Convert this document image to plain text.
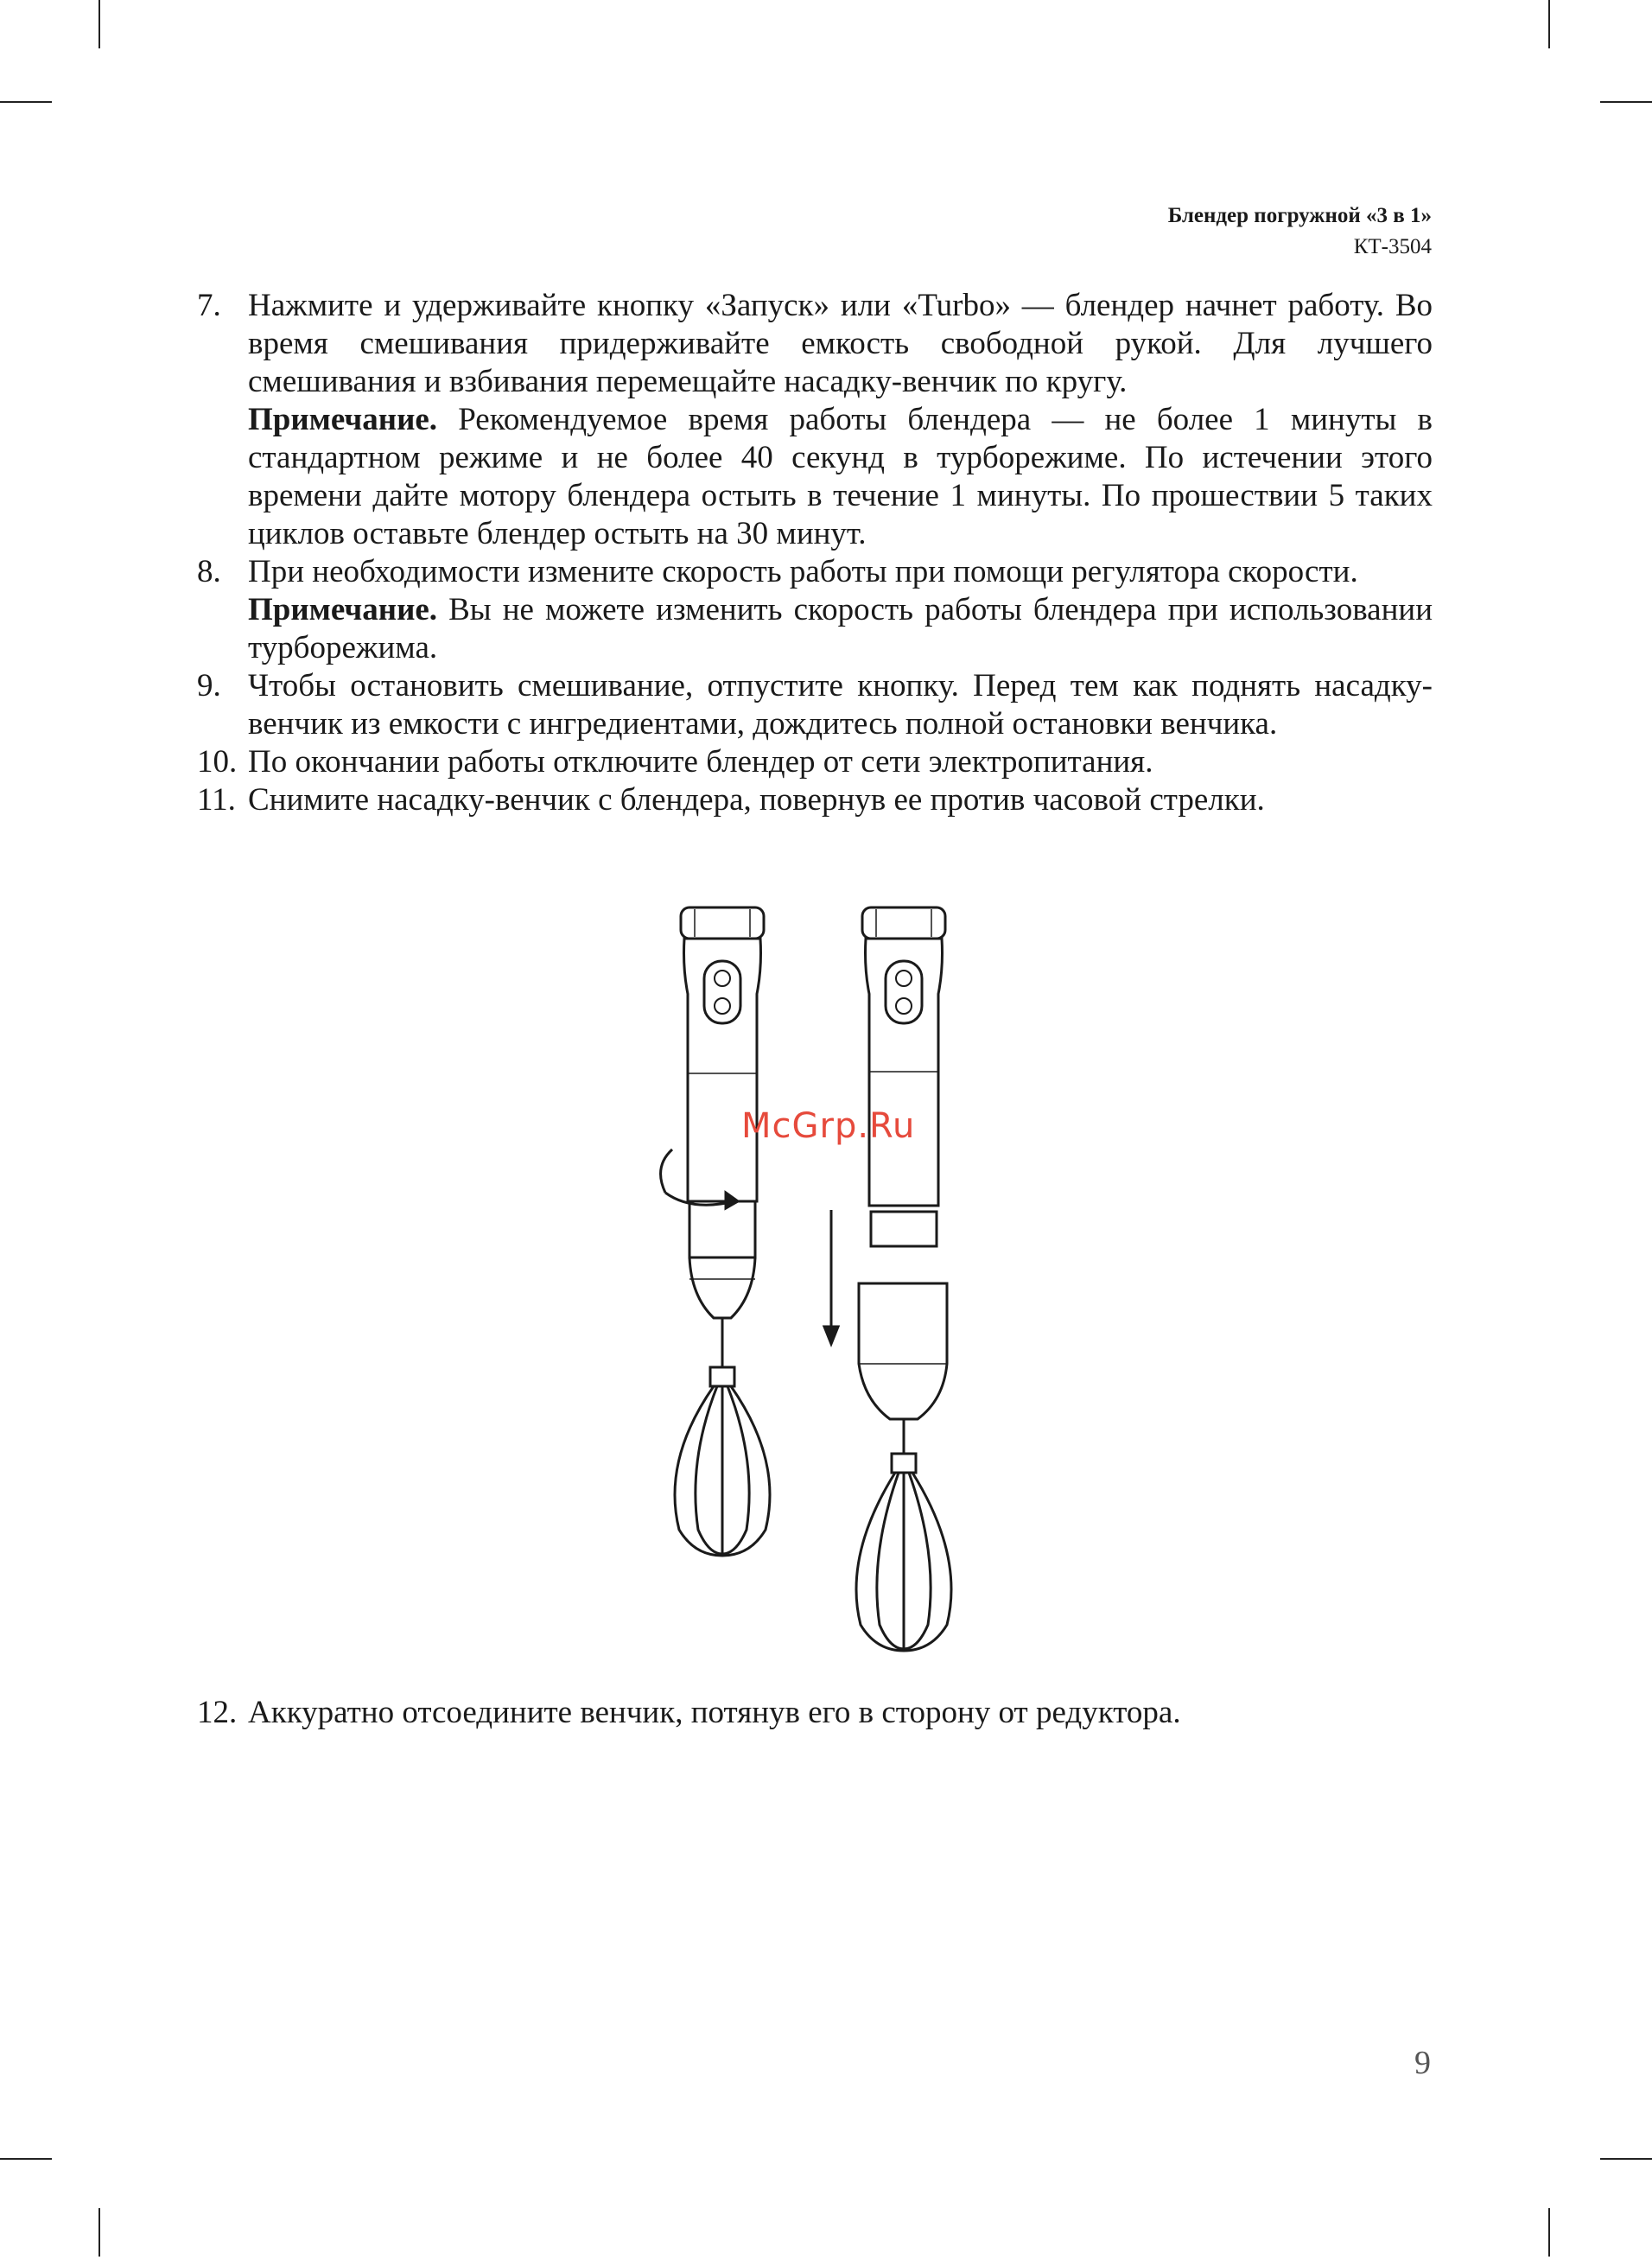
Блендер погружной «3 в 1»
КТ-3504
7. Нажмите и удерживайте кнопку «Запуск» или «Turbo» — блендер начнет работу. Во время смешивания придерживайте емкость свободной рукой. Для лучшего смешивания и взбивания перемещайте насадку-венчик по кругу.

Примечание. Рекомендуемое время работы блендера — не более 1 минуты в стандартном режиме и не более 40 секунд в турборежиме. По истечении этого времени дайте мотору блендера остыть в течение 1 минуты. По прошествии 5 таких циклов оставьте блендер остыть на 30 минут.

8. При необходимости измените скорость работы при помощи регулятора скорости.

Примечание. Вы не можете изменить скорость работы блендера при использовании турборежима.

9. Чтобы остановить смешивание, отпустите кнопку. Перед тем как поднять насадку-венчик из емкости с ингредиентами, дождитесь полной остановки венчика.

10. По окончании работы отключите блендер от сети электропитания.

11. Снимите насадку-венчик с блендера, повернув ее против часовой стрелки.

McGrp.Ru
12. Аккуратно отсоедините венчик, потянув его в сторону от редуктора.

9
